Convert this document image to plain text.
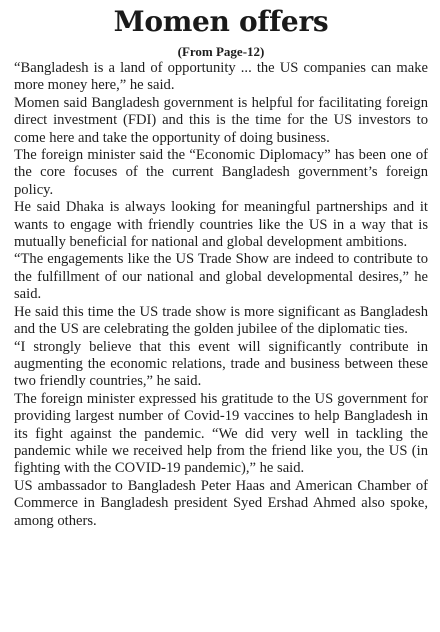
Momen offers
(From Page-12)

“Bangladesh is a land of opportunity ... the US companies can make more money here,” he said.

Momen said Bangladesh government is helpful for facilitating foreign direct investment (FDI) and this is the time for the US investors to come here and take the opportunity of doing business.

The foreign minister said the “Economic Diplomacy” has been one of the core focuses of the current Bangladesh government’s foreign policy.

He said Dhaka is always looking for meaningful partnerships and it wants to engage with friendly countries like the US in a way that is mutually beneficial for national and global development ambitions.

“The engagements like the US Trade Show are indeed to contribute to the fulfillment of our national and global developmental desires,” he said.

He said this time the US trade show is more significant as Bangladesh and the US are celebrating the golden jubilee of the diplomatic ties.

“I strongly believe that this event will significantly contribute in augmenting the economic relations, trade and business between these two friendly countries,” he said.

The foreign minister expressed his gratitude to the US government for providing largest number of Covid-19 vaccines to help Bangladesh in its fight against the pandemic. “We did very well in tackling the pandemic while we received help from the friend like you, the US (in fighting with the COVID-19 pandemic),” he said.

US ambassador to Bangladesh Peter Haas and American Chamber of Commerce in Bangladesh president Syed Ershad Ahmed also spoke, among others.
